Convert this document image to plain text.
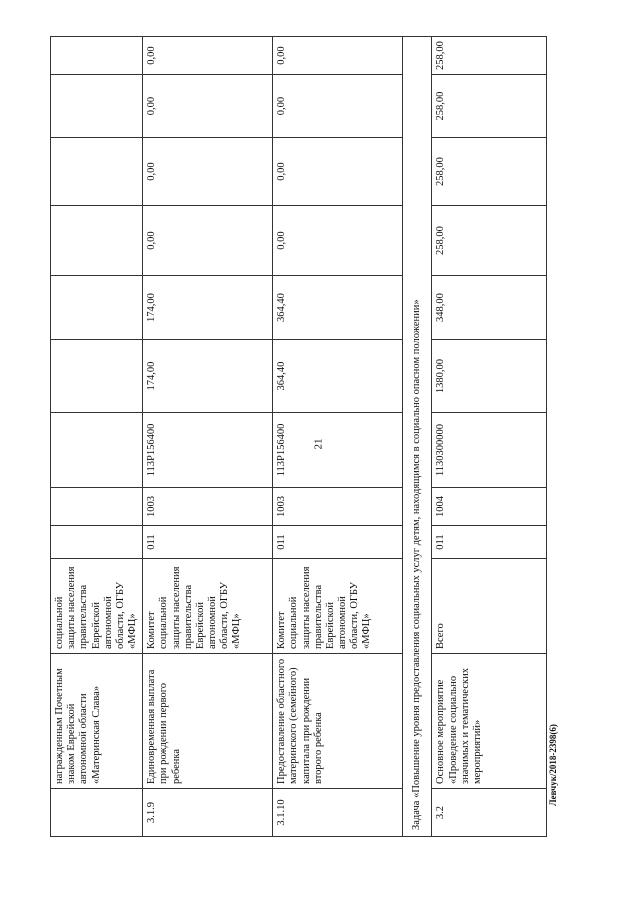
21
Левчук/2018-2398(6)
	награжденным Почетным знаком Еврейской автономной области «Материнская Слава»	социальной защиты населения правительства Еврейской автономной области, ОГБУ «МФЦ»									
3.1.9	Единовременная выплата при рождении первого ребенка	Комитет социальной защиты населения правительства Еврейской автономной области, ОГБУ «МФЦ»	011	1003	113Р156400	174,00	174,00	0,00	0,00	0,00	0,00
3.1.10	Предоставление областного материнского (семейного) капитала при рождении второго ребенка	Комитет социальной защиты населения правительства Еврейской автономной области, ОГБУ «МФЦ»	011	1003	113Р156400	364,40	364,40	0,00	0,00	0,00	0,00
Задача «Повышение уровня предоставления социальных услуг детям, находящимся в социально опасном положении»											
3.2	Основное мероприятие «Проведение социально значимых и тематических мероприятий»	Всего	011	1004	1130300000	1380,00	348,00	258,00	258,00	258,00	258,00
